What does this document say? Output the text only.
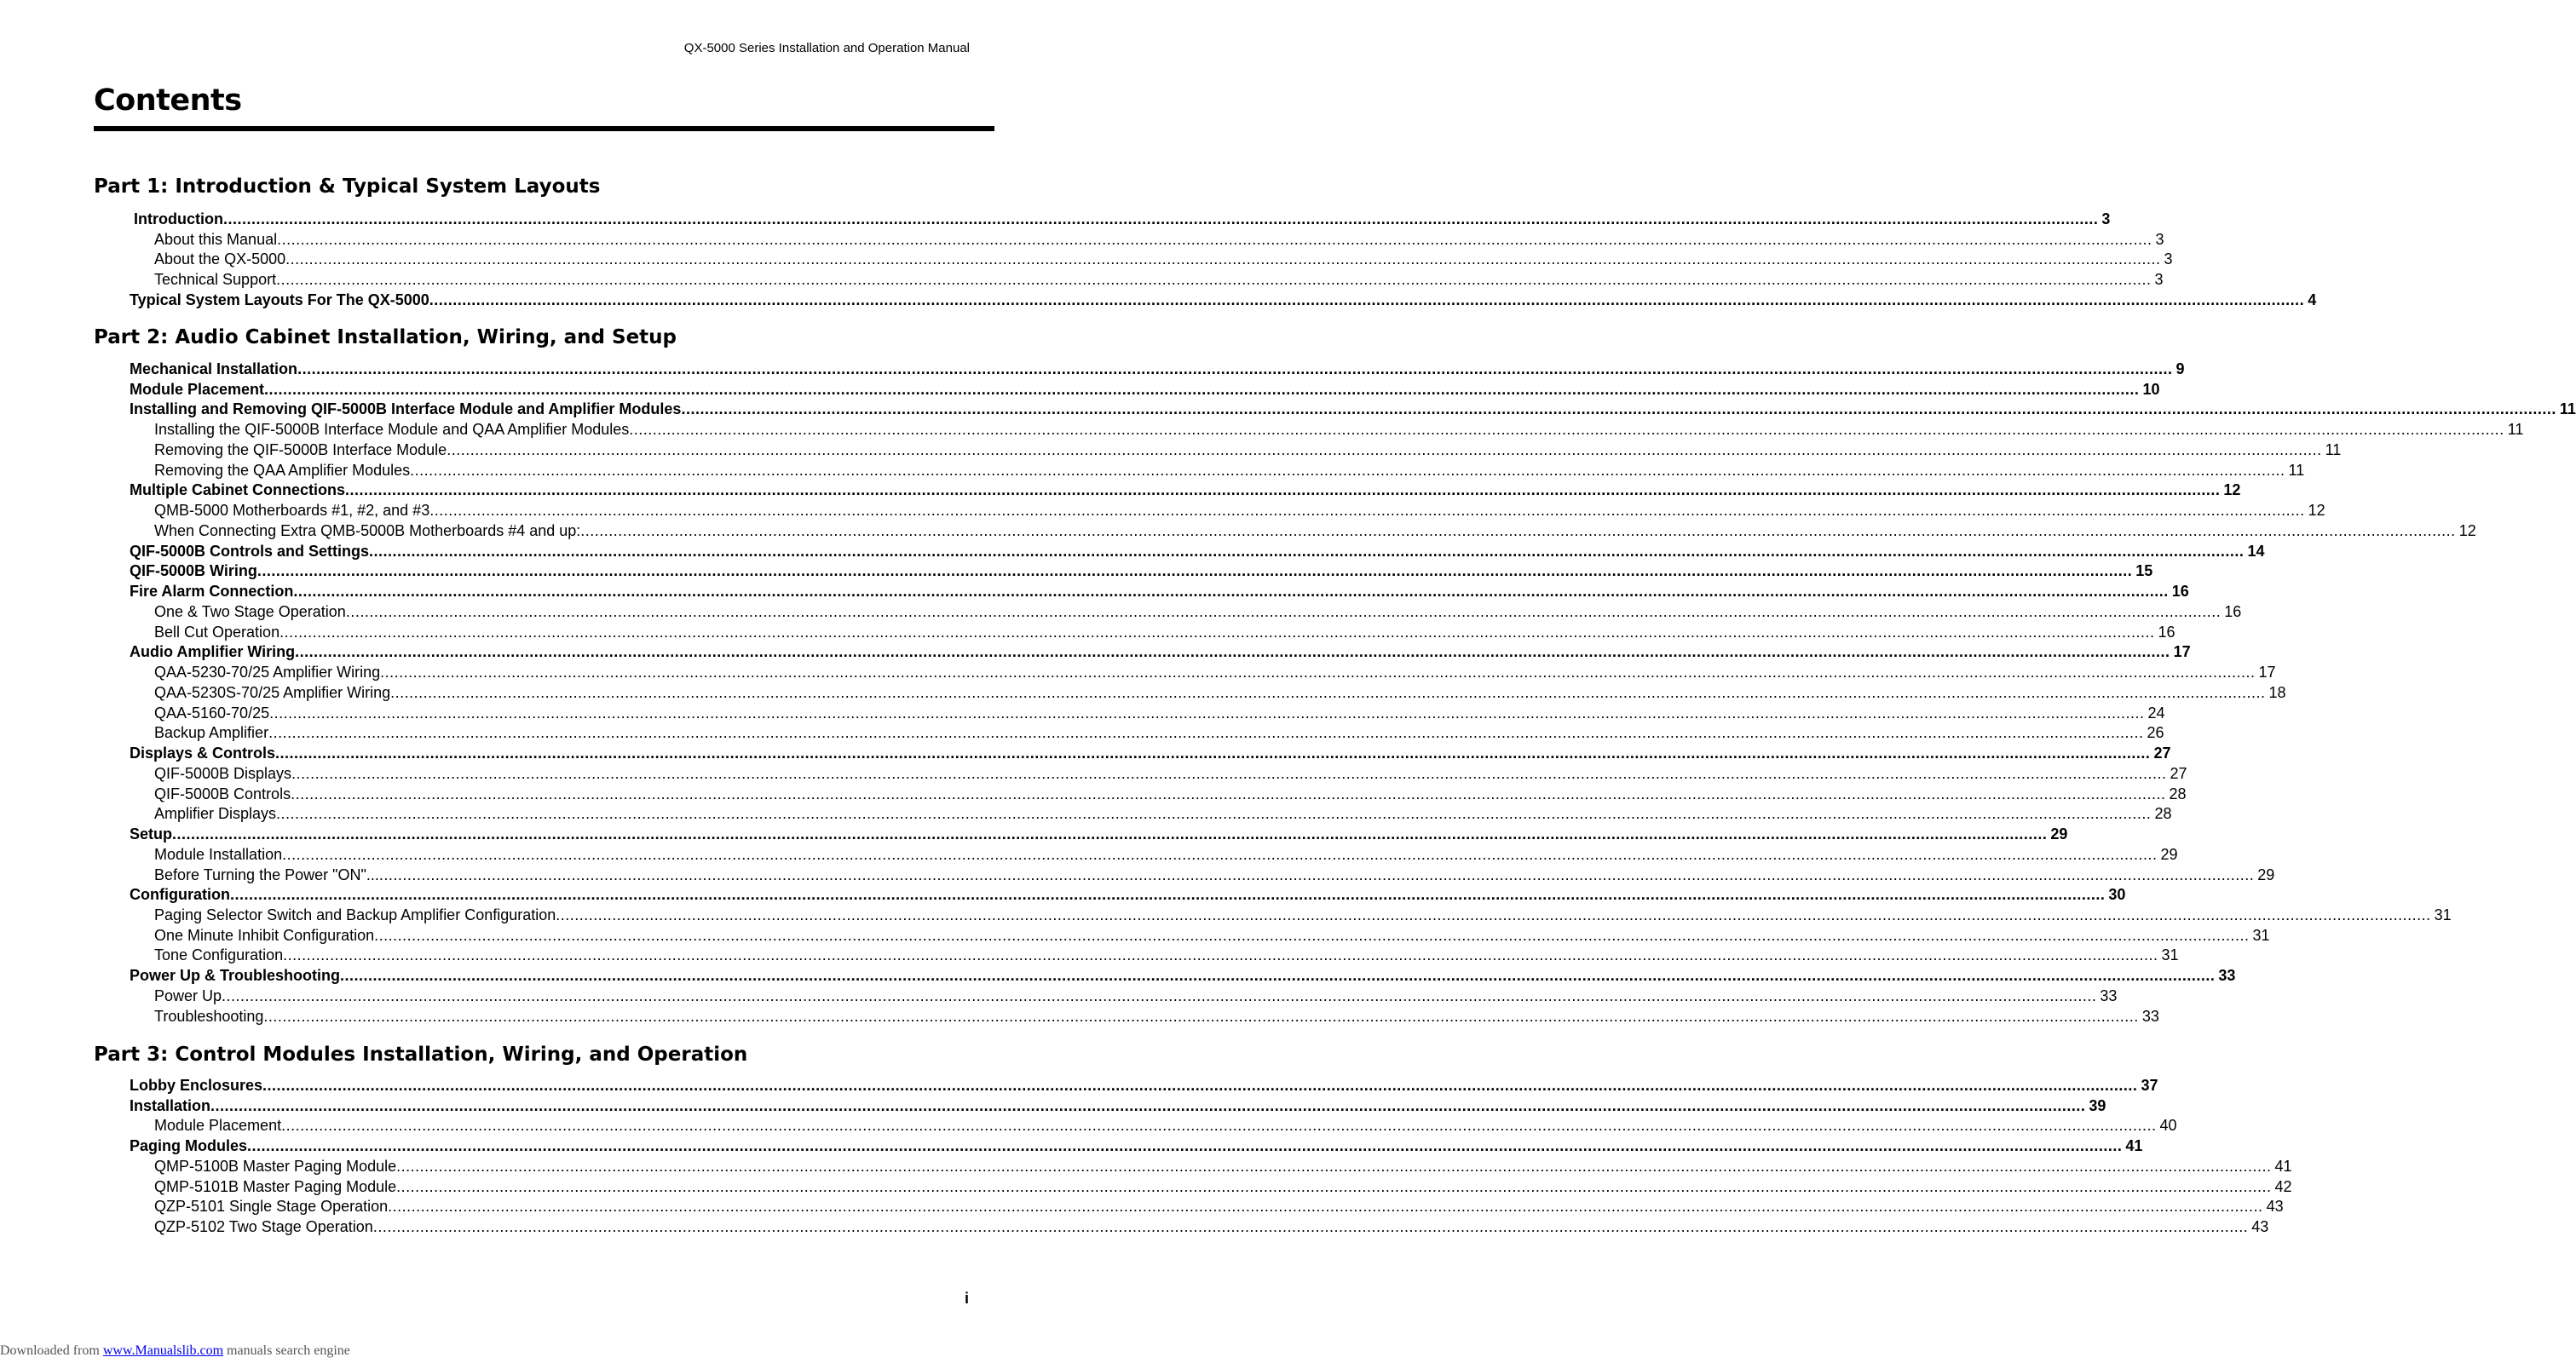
QX-5000 Series Installation and Operation Manual
Contents
Part 1: Introduction & Typical System Layouts
Introduction ................................................................................................................................................................................................................................................................................................................................................................................................................ 3
About this Manual ................................................................................................................................................................................................................................................................................................................................................................................................................ 3
About the QX-5000 ................................................................................................................................................................................................................................................................................................................................................................................................................ 3
Technical Support ................................................................................................................................................................................................................................................................................................................................................................................................................ 3
Typical System Layouts For The QX-5000 ................................................................................................................................................................................................................................................................................................................................................................................................................ 4
Part 2: Audio Cabinet Installation, Wiring, and Setup
Mechanical Installation ................................................................................................................................................................................................................................................................................................................................................................................................................ 9
Module Placement ................................................................................................................................................................................................................................................................................................................................................................................................................ 10
Installing and Removing QIF-5000B Interface Module and Amplifier Modules ................................................................................................................................................................................................................................................................................................................................................................................................................ 11
Installing the QIF-5000B Interface Module and QAA Amplifier Modules ................................................................................................................................................................................................................................................................................................................................................................................................................ 11
Removing the QIF-5000B Interface Module ................................................................................................................................................................................................................................................................................................................................................................................................................ 11
Removing the QAA Amplifier Modules ................................................................................................................................................................................................................................................................................................................................................................................................................ 11
Multiple Cabinet Connections ................................................................................................................................................................................................................................................................................................................................................................................................................ 12
QMB-5000 Motherboards #1, #2, and #3 ................................................................................................................................................................................................................................................................................................................................................................................................................ 12
When Connecting Extra QMB-5000B Motherboards #4 and up: ................................................................................................................................................................................................................................................................................................................................................................................................................ 12
QIF-5000B Controls and Settings ................................................................................................................................................................................................................................................................................................................................................................................................................ 14
QIF-5000B Wiring ................................................................................................................................................................................................................................................................................................................................................................................................................ 15
Fire Alarm Connection ................................................................................................................................................................................................................................................................................................................................................................................................................ 16
One & Two Stage Operation ................................................................................................................................................................................................................................................................................................................................................................................................................ 16
Bell Cut Operation ................................................................................................................................................................................................................................................................................................................................................................................................................ 16
Audio Amplifier Wiring ................................................................................................................................................................................................................................................................................................................................................................................................................ 17
QAA-5230-70/25 Amplifier Wiring ................................................................................................................................................................................................................................................................................................................................................................................................................ 17
QAA-5230S-70/25 Amplifier Wiring ................................................................................................................................................................................................................................................................................................................................................................................................................ 18
QAA-5160-70/25 ................................................................................................................................................................................................................................................................................................................................................................................................................ 24
Backup Amplifier ................................................................................................................................................................................................................................................................................................................................................................................................................ 26
Displays & Controls ................................................................................................................................................................................................................................................................................................................................................................................................................ 27
QIF-5000B Displays ................................................................................................................................................................................................................................................................................................................................................................................................................ 27
QIF-5000B Controls ................................................................................................................................................................................................................................................................................................................................................................................................................ 28
Amplifier Displays ................................................................................................................................................................................................................................................................................................................................................................................................................ 28
Setup ................................................................................................................................................................................................................................................................................................................................................................................................................ 29
Module Installation ................................................................................................................................................................................................................................................................................................................................................................................................................ 29
Before Turning the Power "ON"... ................................................................................................................................................................................................................................................................................................................................................................................................................ 29
Configuration ................................................................................................................................................................................................................................................................................................................................................................................................................ 30
Paging Selector Switch and Backup Amplifier Configuration ................................................................................................................................................................................................................................................................................................................................................................................................................ 31
One Minute Inhibit Configuration ................................................................................................................................................................................................................................................................................................................................................................................................................ 31
Tone Configuration ................................................................................................................................................................................................................................................................................................................................................................................................................ 31
Power Up & Troubleshooting ................................................................................................................................................................................................................................................................................................................................................................................................................ 33
Power Up ................................................................................................................................................................................................................................................................................................................................................................................................................ 33
Troubleshooting ................................................................................................................................................................................................................................................................................................................................................................................................................ 33
Part 3: Control Modules Installation, Wiring, and Operation
Lobby Enclosures ................................................................................................................................................................................................................................................................................................................................................................................................................ 37
Installation ................................................................................................................................................................................................................................................................................................................................................................................................................ 39
Module Placement ................................................................................................................................................................................................................................................................................................................................................................................................................ 40
Paging Modules ................................................................................................................................................................................................................................................................................................................................................................................................................ 41
QMP-5100B Master Paging Module ................................................................................................................................................................................................................................................................................................................................................................................................................ 41
QMP-5101B Master Paging Module ................................................................................................................................................................................................................................................................................................................................................................................................................ 42
QZP-5101 Single Stage Operation ................................................................................................................................................................................................................................................................................................................................................................................................................ 43
QZP-5102 Two Stage Operation ................................................................................................................................................................................................................................................................................................................................................................................................................ 43
i
Downloaded from www.Manualslib.com manuals search engine
